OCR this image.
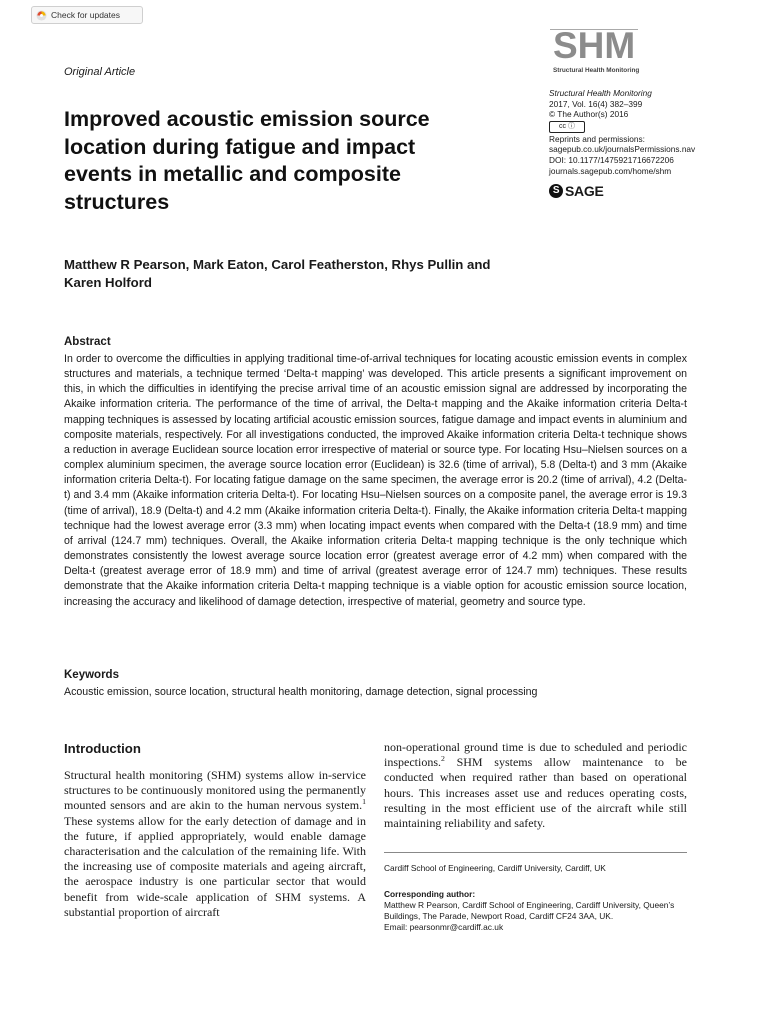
Check for updates
Original Article
Improved acoustic emission source location during fatigue and impact events in metallic and composite structures
Matthew R Pearson, Mark Eaton, Carol Featherston, Rhys Pullin and
Karen Holford
SHM
Structural Health Monitoring
Structural Health Monitoring
2017, Vol. 16(4) 382–399
© The Author(s) 2016
cc ⓘ
Reprints and permissions:
sagepub.co.uk/journalsPermissions.nav
DOI: 10.1177/1475921716672206
journals.sagepub.com/home/shm
S SAGE
Abstract
In order to overcome the difficulties in applying traditional time-of-arrival techniques for locating acoustic emission events in complex structures and materials, a technique termed ‘Delta-t mapping’ was developed. This article presents a significant improvement on this, in which the difficulties in identifying the precise arrival time of an acoustic emission signal are addressed by incorporating the Akaike information criteria. The performance of the time of arrival, the Delta-t mapping and the Akaike information criteria Delta-t mapping techniques is assessed by locating artificial acoustic emission sources, fatigue damage and impact events in aluminium and composite materials, respectively. For all investigations conducted, the improved Akaike information criteria Delta-t technique shows a reduction in average Euclidean source location error irrespective of material or source type. For locating Hsu–Nielsen sources on a complex aluminium specimen, the average source location error (Euclidean) is 32.6 (time of arrival), 5.8 (Delta-t) and 3 mm (Akaike information criteria Delta-t). For locating fatigue damage on the same specimen, the average error is 20.2 (time of arrival), 4.2 (Delta-t) and 3.4 mm (Akaike information criteria Delta-t). For locating Hsu–Nielsen sources on a composite panel, the average error is 19.3 (time of arrival), 18.9 (Delta-t) and 4.2 mm (Akaike information criteria Delta-t). Finally, the Akaike information criteria Delta-t mapping technique had the lowest average error (3.3 mm) when locating impact events when compared with the Delta-t (18.9 mm) and time of arrival (124.7 mm) techniques. Overall, the Akaike information criteria Delta-t mapping technique is the only technique which demonstrates consistently the lowest average source location error (greatest average error of 4.2 mm) when compared with the Delta-t (greatest average error of 18.9 mm) and time of arrival (greatest average error of 124.7 mm) techniques. These results demonstrate that the Akaike information criteria Delta-t mapping technique is a viable option for acoustic emission source location, increasing the accuracy and likelihood of damage detection, irrespective of material, geometry and source type.
Keywords
Acoustic emission, source location, structural health monitoring, damage detection, signal processing
Introduction
Structural health monitoring (SHM) systems allow in-service structures to be continuously monitored using the permanently mounted sensors and are akin to the human nervous system.$^1$ These systems allow for the early detection of damage and in the future, if applied appropriately, would enable damage characterisation and the calculation of the remaining life. With the increasing use of composite materials and ageing aircraft, the aerospace industry is one particular sector that would benefit from wide-scale application of SHM systems. A substantial proportion of aircraft
non-operational ground time is due to scheduled and periodic inspections.$^2$ SHM systems allow maintenance to be conducted when required rather than based on operational hours. This increases asset use and reduces operating costs, resulting in the most efficient use of the aircraft while still maintaining reliability and safety.
Cardiff School of Engineering, Cardiff University, Cardiff, UK
Corresponding author:
Matthew R Pearson, Cardiff School of Engineering, Cardiff University, Queen’s Buildings, The Parade, Newport Road, Cardiff CF24 3AA, UK.
Email: pearsonmr@cardiff.ac.uk
